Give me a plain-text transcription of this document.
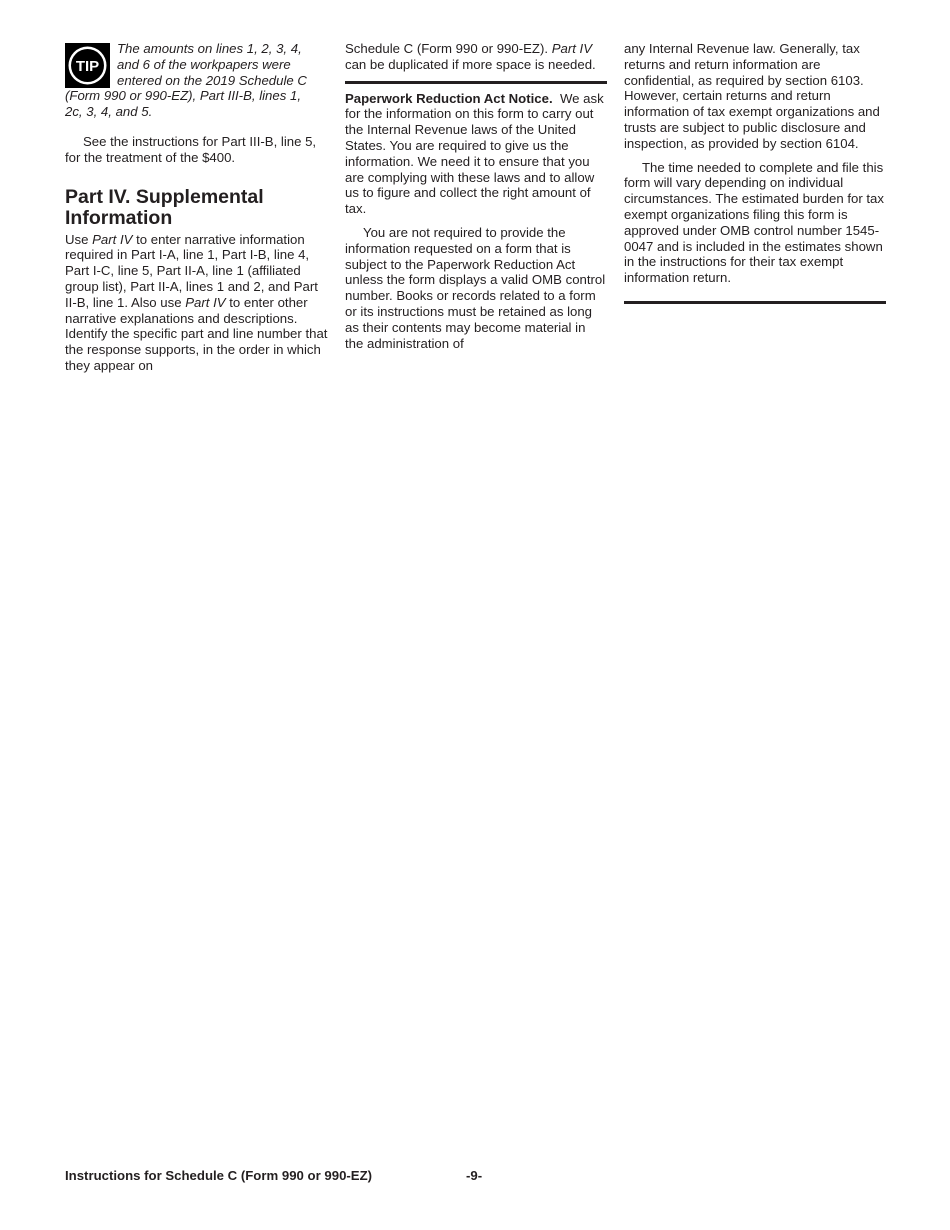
TIP

The amounts on lines 1, 2, 3, 4,
and 6 of the workpapers were
entered on the 2019 Schedule C
(Form 990 or 990-EZ), Part III-B, lines 1,
2c, 3, 4, and 5.

See the instructions for Part III-B, line 5, for the treatment of the $400.

Part IV. Supplemental Information

Use Part IV to enter narrative information required in Part I-A, line 1, Part I-B, line 4, Part I-C, line 5, Part II-A, line 1 (affiliated group list), Part II-A, lines 1 and 2, and Part II-B, line 1. Also use Part IV to enter other narrative explanations and descriptions. Identify the specific part and line number that the response supports, in the order in which they appear on

Schedule C (Form 990 or 990-EZ). Part IV can be duplicated if more space is needed.

Paperwork Reduction Act Notice. We ask for the information on this form to carry out the Internal Revenue laws of the United States. You are required to give us the information. We need it to ensure that you are complying with these laws and to allow us to figure and collect the right amount of tax.

You are not required to provide the information requested on a form that is subject to the Paperwork Reduction Act unless the form displays a valid OMB control number. Books or records related to a form or its instructions must be retained as long as their contents may become material in the administration of

any Internal Revenue law. Generally, tax returns and return information are confidential, as required by section 6103. However, certain returns and return information of tax exempt organizations and trusts are subject to public disclosure and inspection, as provided by section 6104.

The time needed to complete and file this form will vary depending on individual circumstances. The estimated burden for tax exempt organizations filing this form is approved under OMB control number 1545-0047 and is included in the estimates shown in the instructions for their tax exempt information return.

Instructions for Schedule C (Form 990 or 990-EZ)	-9-
